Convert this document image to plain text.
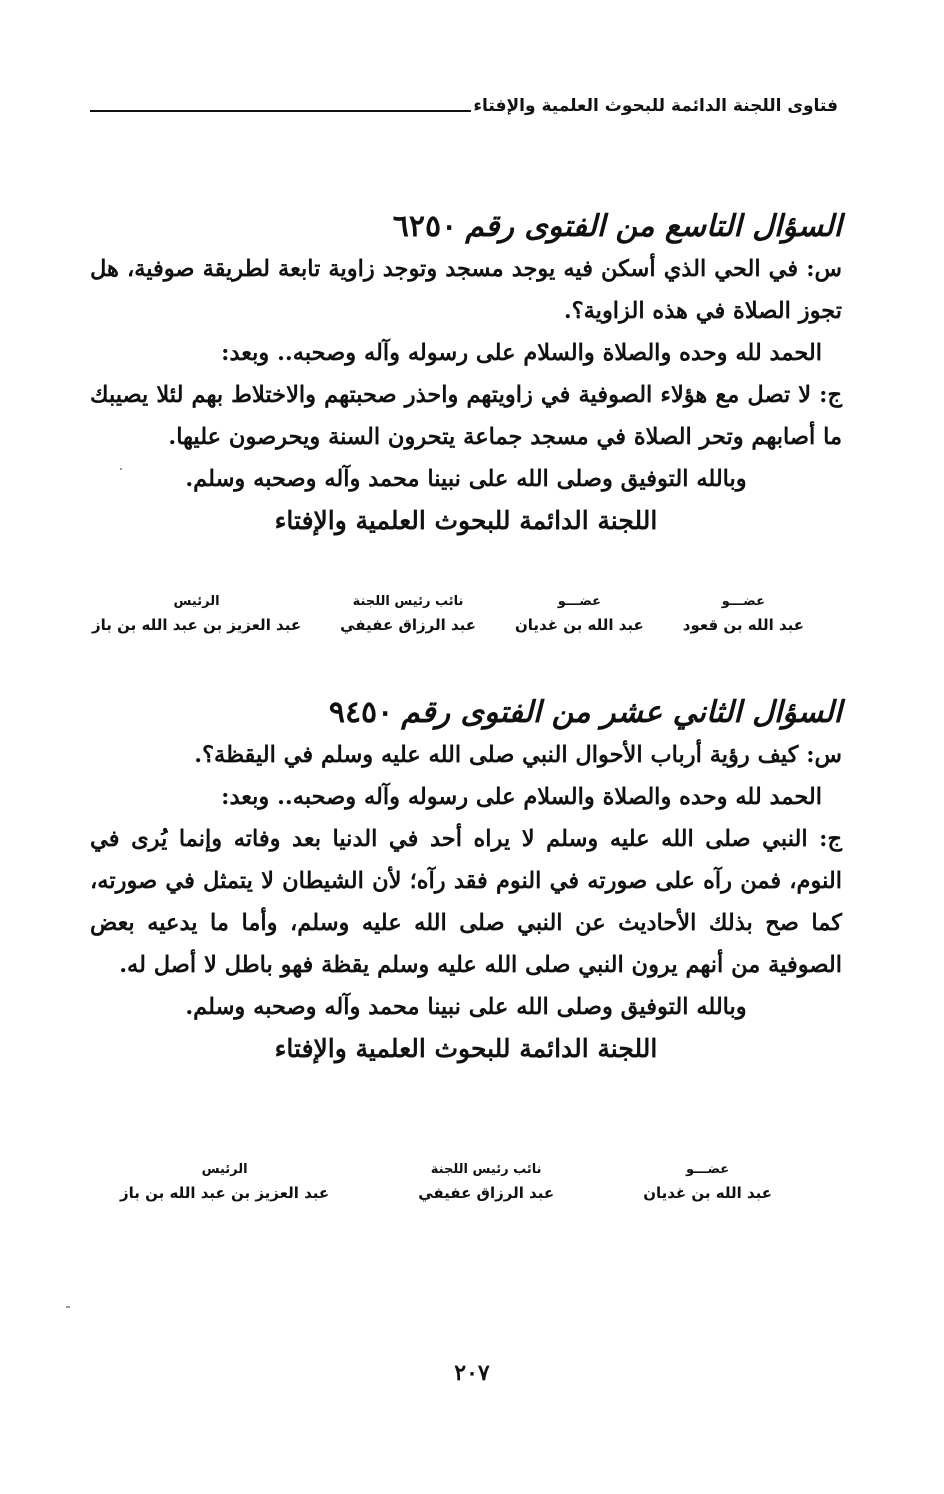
فتاوى اللجنة الدائمة للبحوث العلمية والإفتاء
السؤال التاسع من الفتوى رقم٦٢٥٠

س: في الحي الذي أسكن فيه يوجد مسجد وتوجد زاوية تابعة لطريقة صوفية، هل تجوز الصلاة في هذه الزاوية؟.

الحمد لله وحده والصلاة والسلام على رسوله وآله وصحبه.. وبعد:

ج: لا تصل مع هؤلاء الصوفية في زاويتهم واحذر صحبتهم والاختلاط بهم لئلا يصيبك ما أصابهم وتحر الصلاة في مسجد جماعة يتحرون السنة ويحرصون عليها.

وبالله التوفيق وصلى الله على نبينا محمد وآله وصحبه وسلم.

اللجنة الدائمة للبحوث العلمية والإفتاء

عضـــو
عبد الله بن قعود
عضـــو
عبد الله بن غديان
نائب رئيس اللجنة
عبد الرزاق عفيفي
الرئيس
عبد العزيز بن عبد الله بن باز
السؤال الثاني عشر من الفتوى رقم٩٤٥٠

س: كيف رؤية أرباب الأحوال النبي صلى الله عليه وسلم في اليقظة؟.

الحمد لله وحده والصلاة والسلام على رسوله وآله وصحبه.. وبعد:

ج: النبي صلى الله عليه وسلم لا يراه أحد في الدنيا بعد وفاته وإنما يُرى في النوم، فمن رآه على صورته في النوم فقد رآه؛ لأن الشيطان لا يتمثل في صورته، كما صح بذلك الأحاديث عن النبي صلى الله عليه وسلم، وأما ما يدعيه بعض الصوفية من أنهم يرون النبي صلى الله عليه وسلم يقظة فهو باطل لا أصل له.

وبالله التوفيق وصلى الله على نبينا محمد وآله وصحبه وسلم.

اللجنة الدائمة للبحوث العلمية والإفتاء

عضـــو
عبد الله بن غديان
نائب رئيس اللجنة
عبد الرزاق عفيفي
الرئيس
عبد العزيز بن عبد الله بن باز
٢٠٧
